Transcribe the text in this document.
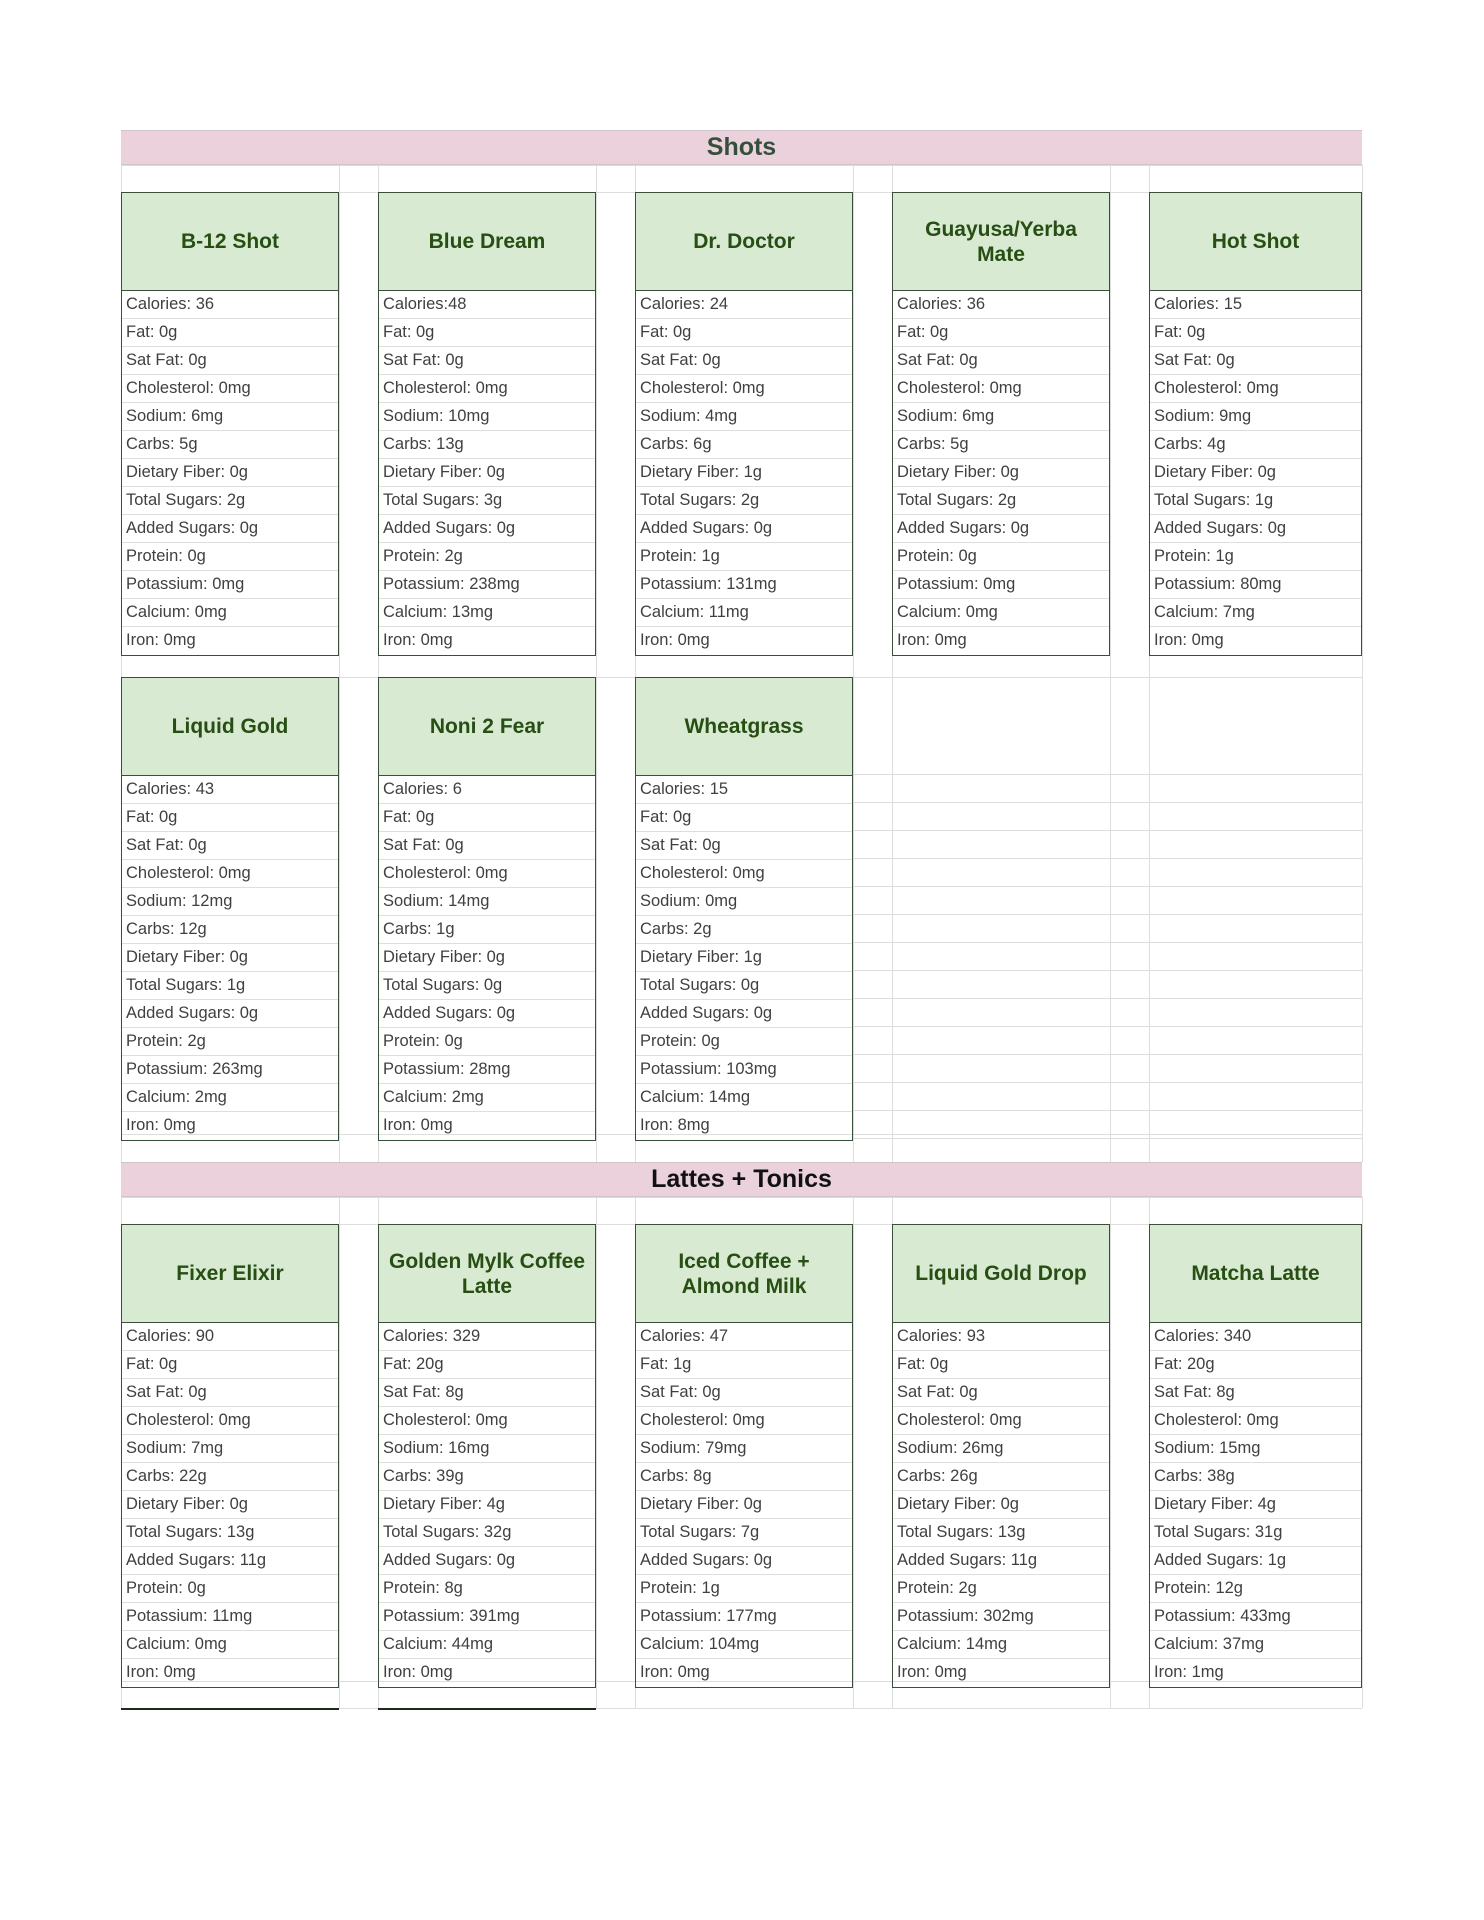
Shots
B-12 Shot
Calories: 36
Fat: 0g
Sat Fat: 0g
Cholesterol: 0mg
Sodium: 6mg
Carbs: 5g
Dietary Fiber: 0g
Total Sugars: 2g
Added Sugars: 0g
Protein: 0g
Potassium: 0mg
Calcium: 0mg
Iron: 0mg
Blue Dream
Calories:48
Fat: 0g
Sat Fat: 0g
Cholesterol: 0mg
Sodium: 10mg
Carbs: 13g
Dietary Fiber: 0g
Total Sugars: 3g
Added Sugars: 0g
Protein: 2g
Potassium: 238mg
Calcium: 13mg
Iron: 0mg
Dr. Doctor
Calories: 24
Fat: 0g
Sat Fat: 0g
Cholesterol: 0mg
Sodium: 4mg
Carbs: 6g
Dietary Fiber: 1g
Total Sugars: 2g
Added Sugars: 0g
Protein: 1g
Potassium: 131mg
Calcium: 11mg
Iron: 0mg
Guayusa/Yerba Mate
Calories: 36
Fat: 0g
Sat Fat: 0g
Cholesterol: 0mg
Sodium: 6mg
Carbs: 5g
Dietary Fiber: 0g
Total Sugars: 2g
Added Sugars: 0g
Protein: 0g
Potassium: 0mg
Calcium: 0mg
Iron: 0mg
Hot Shot
Calories: 15
Fat: 0g
Sat Fat: 0g
Cholesterol: 0mg
Sodium: 9mg
Carbs: 4g
Dietary Fiber: 0g
Total Sugars: 1g
Added Sugars: 0g
Protein: 1g
Potassium: 80mg
Calcium: 7mg
Iron: 0mg
Liquid Gold
Calories: 43
Fat: 0g
Sat Fat: 0g
Cholesterol: 0mg
Sodium: 12mg
Carbs: 12g
Dietary Fiber: 0g
Total Sugars: 1g
Added Sugars: 0g
Protein: 2g
Potassium: 263mg
Calcium: 2mg
Iron: 0mg
Noni 2 Fear
Calories: 6
Fat: 0g
Sat Fat: 0g
Cholesterol: 0mg
Sodium: 14mg
Carbs: 1g
Dietary Fiber: 0g
Total Sugars: 0g
Added Sugars: 0g
Protein: 0g
Potassium: 28mg
Calcium: 2mg
Iron: 0mg
Wheatgrass
Calories: 15
Fat: 0g
Sat Fat: 0g
Cholesterol: 0mg
Sodium: 0mg
Carbs: 2g
Dietary Fiber: 1g
Total Sugars: 0g
Added Sugars: 0g
Protein: 0g
Potassium: 103mg
Calcium: 14mg
Iron: 8mg
Lattes + Tonics
Fixer Elixir
Calories: 90
Fat: 0g
Sat Fat: 0g
Cholesterol: 0mg
Sodium: 7mg
Carbs: 22g
Dietary Fiber: 0g
Total Sugars: 13g
Added Sugars: 11g
Protein: 0g
Potassium: 11mg
Calcium: 0mg
Iron: 0mg
Golden Mylk Coffee Latte
Calories: 329
Fat: 20g
Sat Fat: 8g
Cholesterol: 0mg
Sodium: 16mg
Carbs: 39g
Dietary Fiber: 4g
Total Sugars: 32g
Added Sugars: 0g
Protein: 8g
Potassium: 391mg
Calcium: 44mg
Iron: 0mg
Iced Coffee + Almond Milk
Calories: 47
Fat: 1g
Sat Fat: 0g
Cholesterol: 0mg
Sodium: 79mg
Carbs: 8g
Dietary Fiber: 0g
Total Sugars: 7g
Added Sugars: 0g
Protein: 1g
Potassium: 177mg
Calcium: 104mg
Iron: 0mg
Liquid Gold Drop
Calories: 93
Fat: 0g
Sat Fat: 0g
Cholesterol: 0mg
Sodium: 26mg
Carbs: 26g
Dietary Fiber: 0g
Total Sugars: 13g
Added Sugars: 11g
Protein: 2g
Potassium: 302mg
Calcium: 14mg
Iron: 0mg
Matcha Latte
Calories: 340
Fat: 20g
Sat Fat: 8g
Cholesterol: 0mg
Sodium: 15mg
Carbs: 38g
Dietary Fiber: 4g
Total Sugars: 31g
Added Sugars: 1g
Protein: 12g
Potassium: 433mg
Calcium: 37mg
Iron: 1mg
